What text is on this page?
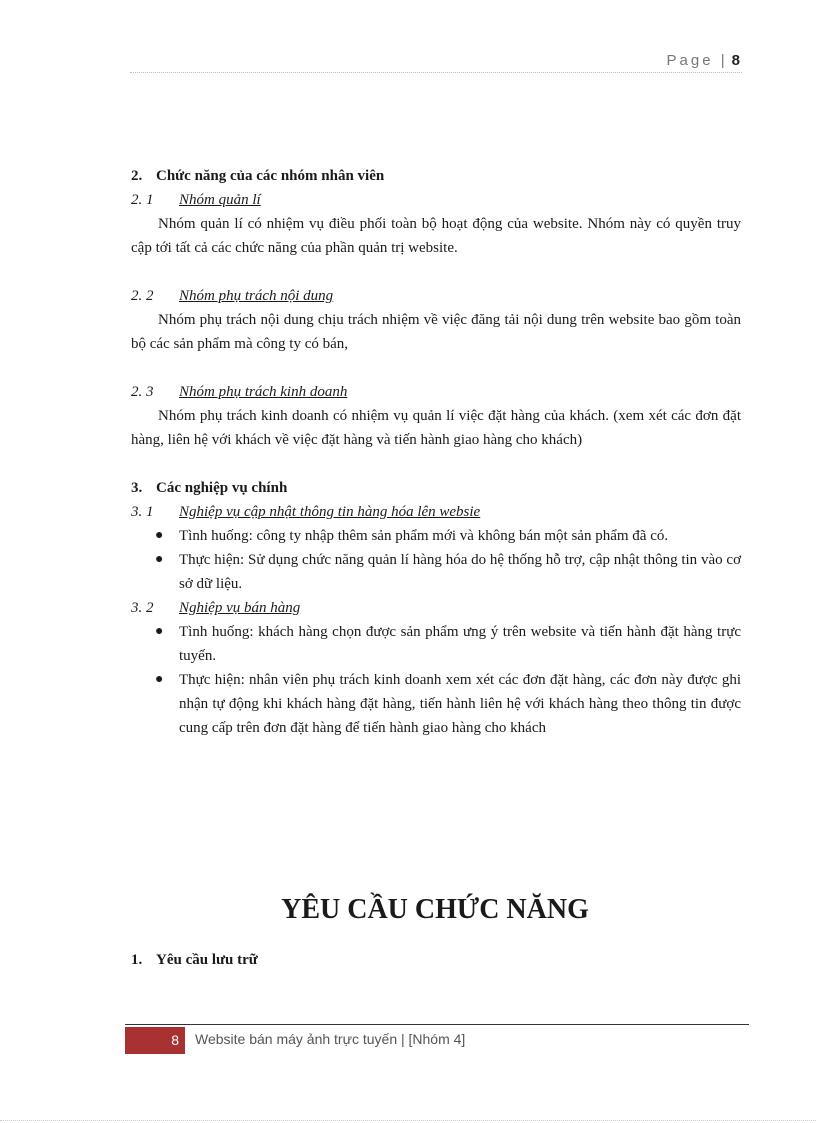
Page | 8

2. Chức năng của các nhóm nhân viên

2. 1 Nhóm quản lí

Nhóm quản lí có nhiệm vụ điều phối toàn bộ hoạt động của website. Nhóm này có quyền truy cập tới tất cả các chức năng của phần quản trị website.

2. 2 Nhóm phụ trách nội dung

Nhóm phụ trách nội dung chịu trách nhiệm về việc đăng tải nội dung trên website bao gồm toàn bộ các sản phẩm mà công ty có bán,

2. 3 Nhóm phụ trách kinh doanh

Nhóm phụ trách kinh doanh có nhiệm vụ quản lí việc đặt hàng của khách. (xem xét các đơn đặt hàng, liên hệ với khách về việc đặt hàng và tiến hành giao hàng cho khách)

3. Các nghiệp vụ chính

3. 1 Nghiệp vụ cập nhật thông tin hàng hóa lên websie

● Tình huống: công ty nhập thêm sản phẩm mới và không bán một sản phẩm đã có.
● Thực hiện: Sử dụng chức năng quản lí hàng hóa do hệ thống hỗ trợ, cập nhật thông tin vào cơ sở dữ liệu.

3. 2 Nghiệp vụ bán hàng

● Tình huống: khách hàng chọn được sản phẩm ưng ý trên website và tiến hành đặt hàng trực tuyến.
● Thực hiện: nhân viên phụ trách kinh doanh xem xét các đơn đặt hàng, các đơn này được ghi nhận tự động khi khách hàng đặt hàng, tiến hành liên hệ với khách hàng theo thông tin được cung cấp trên đơn đặt hàng để tiến hành giao hàng cho khách
YÊU CẦU CHỨC NĂNG
1. Yêu cầu lưu trữ
8	Website bán máy ảnh trực tuyến | [Nhóm 4]
